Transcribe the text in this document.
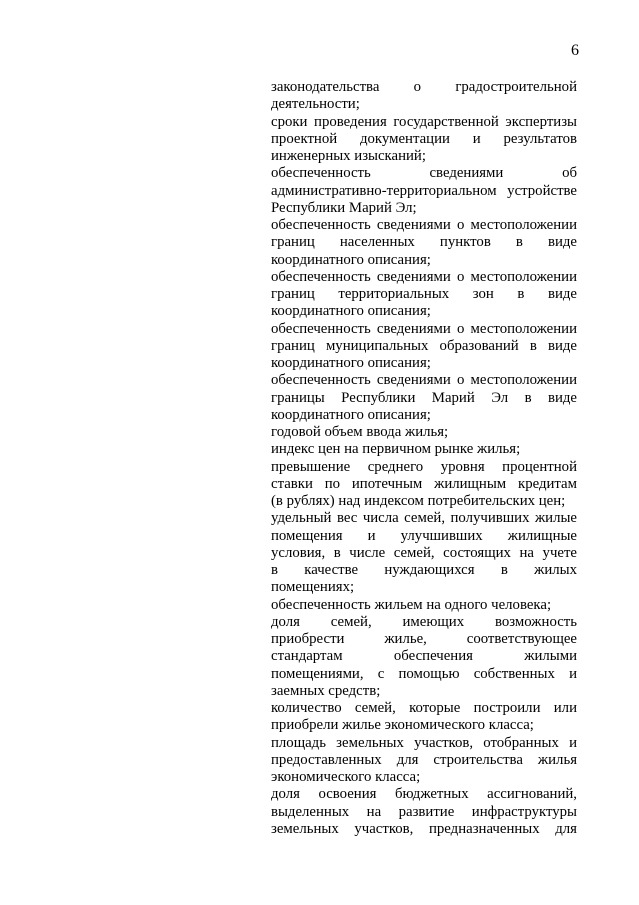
6
законодательства о градостроительной
деятельности;
сроки проведения государственной экспертизы
проектной документации и результатов
инженерных изысканий;
обеспеченность сведениями об
административно-территориальном устройстве
Республики Марий Эл;
обеспеченность сведениями о местоположении
границ населенных пунктов в виде
координатного описания;
обеспеченность сведениями о местоположении
границ территориальных зон в виде
координатного описания;
обеспеченность сведениями о местоположении
границ муниципальных образований в виде
координатного описания;
обеспеченность сведениями о местоположении
границы Республики Марий Эл в виде
координатного описания;
годовой объем ввода жилья;
индекс цен на первичном рынке жилья;
превышение среднего уровня процентной
ставки по ипотечным жилищным кредитам
(в рублях) над индексом потребительских цен;
удельный вес числа семей, получивших жилые
помещения и улучшивших жилищные
условия, в числе семей, состоящих на учете
в качестве нуждающихся в жилых
помещениях;
обеспеченность жильем на одного человека;
доля семей, имеющих возможность
приобрести жилье, соответствующее
стандартам обеспечения жилыми
помещениями, с помощью собственных и
заемных средств;
количество семей, которые построили или
приобрели жилье экономического класса;
площадь земельных участков, отобранных и
предоставленных для строительства жилья
экономического класса;
доля освоения бюджетных ассигнований,
выделенных на развитие инфраструктуры
земельных участков, предназначенных для
